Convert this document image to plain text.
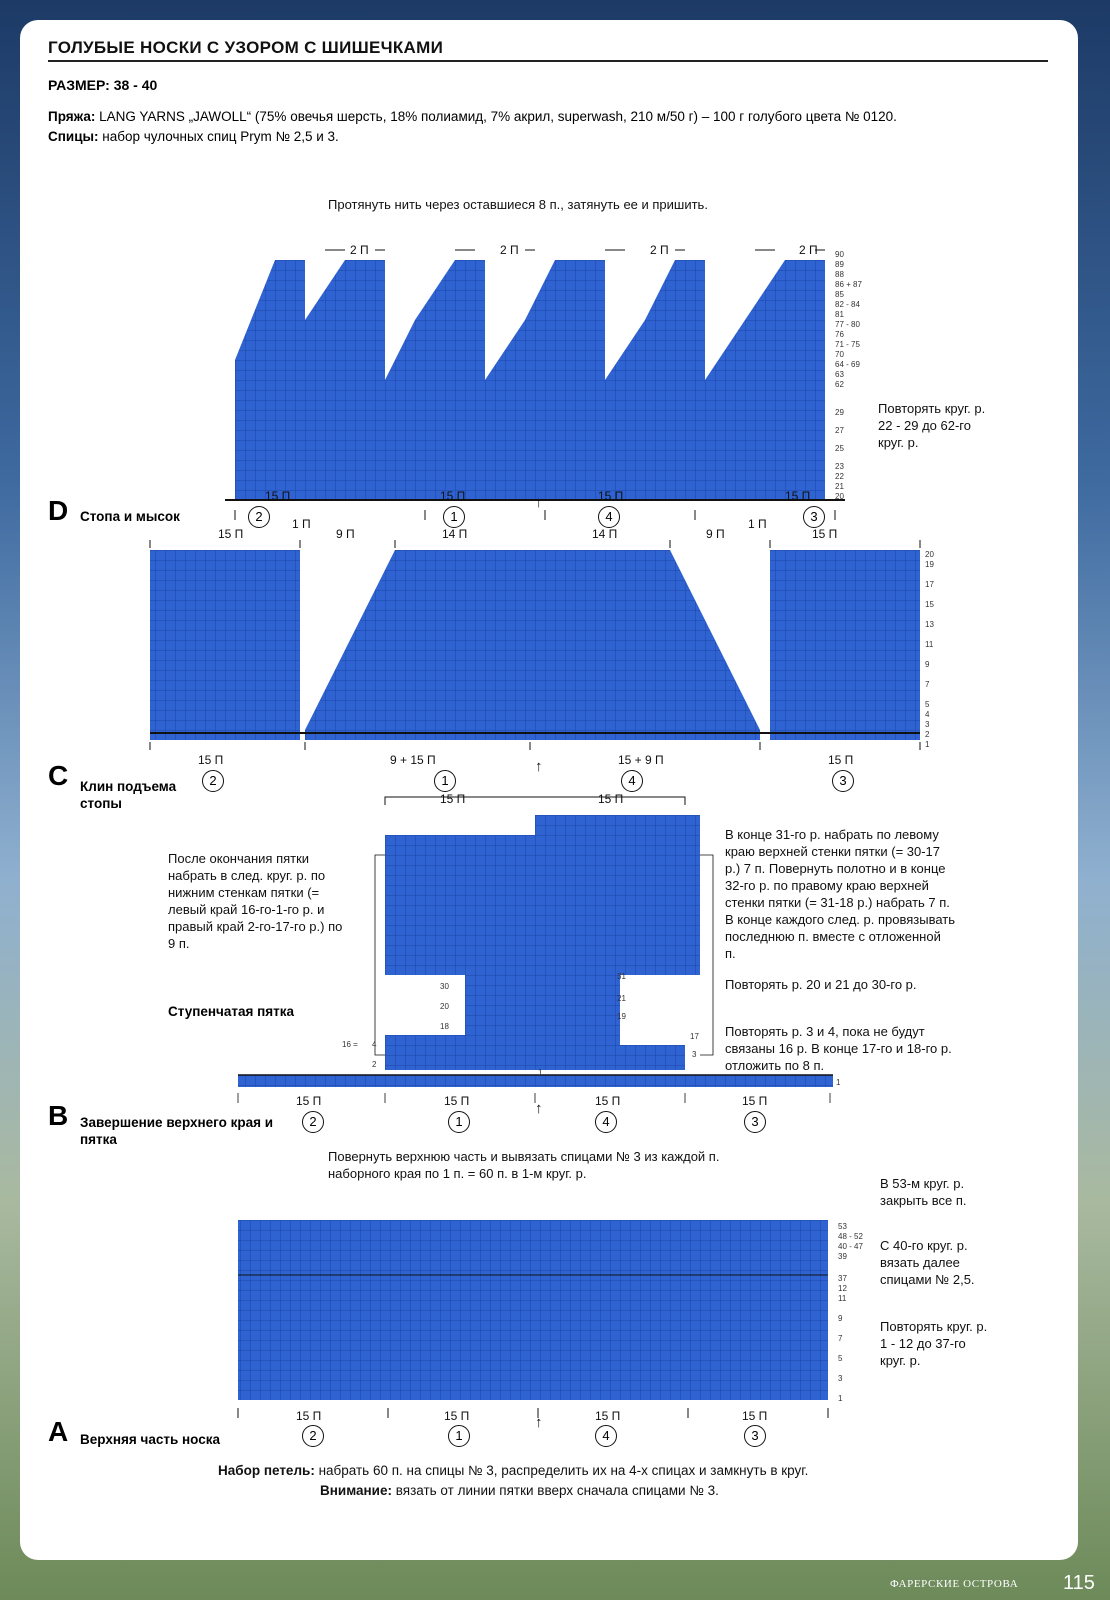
ГОЛУБЫЕ НОСКИ С УЗОРОМ С ШИШЕЧКАМИ
РАЗМЕР: 38 - 40
Пряжа: LANG YARNS „JAWOLL“ (75% овечья шерсть, 18% полиамид, 7% акрил, superwash, 210 м/50 г) – 100 г голубого цвета № 0120.
Спицы: набор чулочных спиц Prym № 2,5 и 3.
Протянуть нить через оставшиеся 8 п., затянуть ее и пришить.
2 П	2 П	2 П	2 П 90
89
88
86 + 87
85
82 - 84
81
77 - 80
76
71 - 75
70
64 - 69
63
62
29
27
25
23
22
21
20
Повторять круг. р. 22 - 29 до 62-го круг. р.
15 П	15 П	15 П	15 П
↑
2	1	4	3
D Стопа и мысок
15 П
1 П
9 П	14 П	14 П	9 П
1 П
15 П
20
19
17
15
13
11
9
7
5
4
3
2
1
15 П	9 + 15 П	15 + 9 П	15 П
↑
2	1	4	3
C Клин подъема стопы	15 П	15 П
После окончания пятки набрать в след. круг. р. по нижним стенкам пятки (= левый край 16-го-1-го р. и правый край 2-го-17-го р.) по 9 п.
В конце 31-го р. набрать по левому краю верхней стенки пятки (= 30-17 р.) 7 п. Повернуть полотно и в конце 32-го р. по правому краю верхней стенки пятки (= 31-18 р.) набрать 7 п. В конце каждого след. р. провязывать последнюю п. вместе с отложенной п.
Повторять р. 20 и 21 до 30-го р.
Повторять р. 3 и 4, пока не будут связаны 16 р. В конце 17-го и 18-го р. отложить по 8 п.
Ступенчатая пятка
31
30
21
20
19
18
17
16 = 4
3
2
1
1
15 П	15 П	15 П	15 П
↑
2	1	4	3
B Завершение верхнего края и пятка
Повернуть верхнюю часть и вывязать спицами № 3 из каждой п. наборного края по 1 п. = 60 п. в 1-м круг. р.
53
48 - 52
40 - 47
39
37
12
11
9
7
5
3
1
В 53-м круг. р. закрыть все п.
С 40-го круг. р. вязать далее спицами № 2,5.
Повторять круг. р. 1 - 12 до 37-го круг. р.
15 П	15 П	15 П	15 П
↑
2	1	4	3
A Верхняя часть носка
Набор петель: набрать 60 п. на спицы № 3, распределить их на 4-х спицах и замкнуть в круг.
Внимание: вязать от линии пятки вверх сначала спицами № 3.
ФАРЕРСКИЕ ОСТРОВА 115
